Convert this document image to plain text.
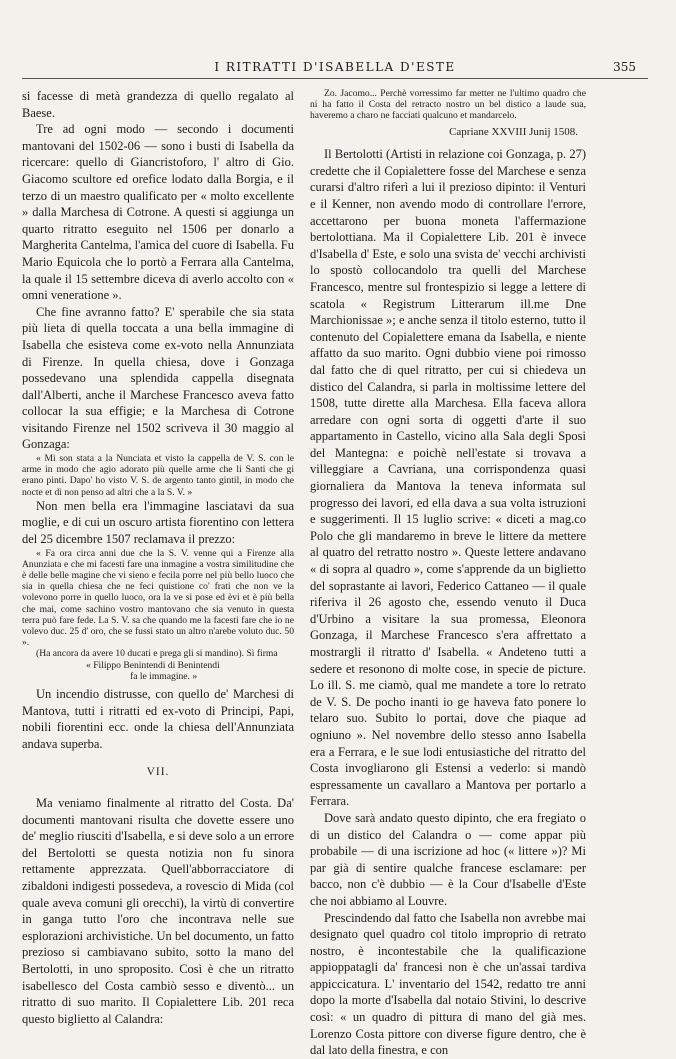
I RITRATTI D'ISABELLA D'ESTE	355

si facesse di metà grandezza di quello regalato al Baese.

Tre ad ogni modo — secondo i documenti mantovani del 1502-06 — sono i busti di Isabella da ricercare: quello di Giancristoforo, l' altro di Gio. Giacomo scultore ed orefice lodato dalla Borgia, e il terzo di un maestro qualificato per « molto excellente » dalla Marchesa di Cotrone. A questi si aggiunga un quarto ritratto eseguito nel 1506 per donarlo a Margherita Cantelma, l'amica del cuore di Isabella. Fu Mario Equicola che lo portò a Ferrara alla Cantelma, la quale il 15 settembre diceva di averlo accolto con « omni veneratione ».

Che fine avranno fatto? E' sperabile che sia stata più lieta di quella toccata a una bella immagine di Isabella che esisteva come ex-voto nella Annunziata di Firenze. In quella chiesa, dove i Gonzaga possedevano una splendida cappella disegnata dall'Alberti, anche il Marchese Francesco aveva fatto collocar la sua effigie; e la Marchesa di Cotrone visitando Firenze nel 1502 scriveva il 30 maggio al Gonzaga:

« Mi son stata a la Nunciata et visto la cappella de V. S. con le arme in modo che agio adorato più quelle arme che li Santi che gi erano pinti. Dapo' ho visto V. S. de argento tanto gintil, in modo che nocte et dì non penso ad altri che a la S. V. »

Non men bella era l'immagine lasciatavi da sua moglie, e di cui un oscuro artista fiorentino con lettera del 25 dicembre 1507 reclamava il prezzo:

« Fa ora circa anni due che la S. V. venne qui a Firenze alla Anunziata e che mi facesti fare una inmagine a vostra similitudine che è delle belle magine che vi sieno e fecila porre nel più bello luoco che sia in quella chiesa che ne feci quistione co' frati che non ve la volevono porre in quello luoco, ora la ve si pose ed èvi et è più bella che mai, come sachino vostro mantovano che sia venuto in questa terra può fare fede. La S. V. sa che quando me la facesti fare che io ne volevo duc. 25 d' oro, che se fussi stato un altro n'arebe voluto duc. 50 ».

(Ha ancora da avere 10 ducati e prega gli si mandino). Sì firma

« Filippo Benintendi di Benintendi
fa le immagine. »

Un incendio distrusse, con quello de' Marchesi di Mantova, tutti i ritratti ed ex-voto di Principi, Papi, nobili fiorentini ecc. onde la chiesa dell'Annunziata andava superba.

VII.

Ma veniamo finalmente al ritratto del Costa. Da' documenti mantovani risulta che dovette essere uno de' meglio riusciti d'Isabella, e si deve solo a un errore del Bertolotti se questa notizia non fu sinora rettamente apprezzata. Quell'abborracciatore di zibaldoni indigesti possedeva, a rovescio di Mida (col quale aveva comuni gli orecchi), la virtù di convertire in ganga tutto l'oro che incontrava nelle sue esplorazioni archivistiche. Un bel documento, un fatto prezioso si cambiavano subito, sotto la mano del Bertolotti, in uno sproposito. Così è che un ritratto isabellesco del Costa cambiò sesso e diventò... un ritratto di suo marito. Il Copialettere Lib. 201 reca questo biglietto al Calandra:

Zo. Jacomo... Perchè vorressimo far metter ne l'ultimo quadro che ni ha fatto il Costa del retracto nostro un bel distico a laude sua, haveremo a charo ne facciati qualcuno et mandarcelo.

Capriane XXVIII Junij 1508.

Il Bertolotti (Artisti in relazione coi Gonzaga, p. 27) credette che il Copialettere fosse del Marchese e senza curarsi d'altro riferì a lui il prezioso dipinto: il Venturi e il Kenner, non avendo modo di controllare l'errore, accettarono per buona moneta l'affermazione bertolottiana. Ma il Copialettere Lib. 201 è invece d'Isabella d' Este, e solo una svista de' vecchi archivisti lo spostò collocandolo tra quelli del Marchese Francesco, mentre sul frontespizio si legge a lettere di scatola « Registrum Litterarum ill.me Dne Marchionissae »; e anche senza il titolo esterno, tutto il contenuto del Copialettere emana da Isabella, e niente affatto da suo marito. Ogni dubbio viene poi rimosso dal fatto che di quel ritratto, per cui si chiedeva un distico del Calandra, si parla in moltissime lettere del 1508, tutte dirette alla Marchesa. Ella faceva allora arredare con ogni sorta di oggetti d'arte il suo appartamento in Castello, vicino alla Sala degli Sposi del Mantegna: e poichè nell'estate si trovava a villeggiare a Cavriana, una corrispondenza quasi giornaliera da Mantova la teneva informata sul progresso dei lavori, ed ella dava a sua volta istruzioni e suggerimenti. Il 15 luglio scrive: « diceti a mag.co Polo che gli mandaremo in breve le littere da mettere al quatro del retratto nostro ». Queste lettere andavano « di sopra al quadro », come s'apprende da un biglietto del soprastante ai lavori, Federico Cattaneo — il quale riferiva il 26 agosto che, essendo venuto il Duca d'Urbino a visitare la sua promessa, Eleonora Gonzaga, il Marchese Francesco s'era affrettato a mostrargli il ritratto d' Isabella. « Andeteno tutti a sedere et resonono di molte cose, in specie de picture. Lo ill. S. me ciamò, qual me mandete a tore lo retrato de V. S. De pocho inanti io ge haveva fato ponere lo telaro suo. Subito lo portai, dove che piaque ad ogniuno ». Nel novembre dello stesso anno Isabella era a Ferrara, e le sue lodi entusiastiche del ritratto del Costa invogliarono gli Estensi a vederlo: si mandò espressamente un cavallaro a Mantova per portarlo a Ferrara.

Dove sarà andato questo dipinto, che era fregiato o di un distico del Calandra o — come appar più probabile — di una iscrizione ad hoc (« littere »)? Mi par già di sentire qualche francese esclamare: per bacco, non c'è dubbio — è la Cour d'Isabelle d'Este che noi abbiamo al Louvre.

Prescindendo dal fatto che Isabella non avrebbe mai designato quel quadro col titolo improprio di retrato nostro, è incontestabile che la qualificazione appioppatagli da' francesi non è che un'assai tardiva appiccicatura. L' inventario del 1542, redatto tre anni dopo la morte d'Isabella dal notaio Stivini, lo descrive così: « un quadro di pittura di mano del già mes. Lorenzo Costa pittore con diverse figure dentro, che è dal lato della finestra, e con
